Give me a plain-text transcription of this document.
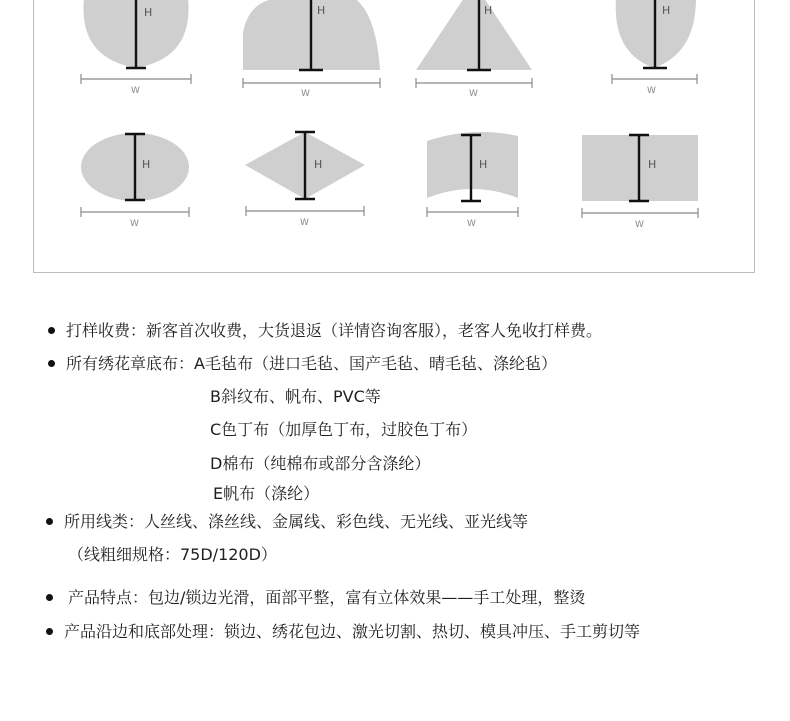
H
W
H
W
H
W
H
W
H
W
H
W
H
W
H
W
打样收费：新客首次收费，大货退返（详情咨询客服），老客人免收打样费。
所有绣花章底布：A毛毡布（进口毛毡、国产毛毡、晴毛毡、涤纶毡）
B斜纹布、帆布、PVC等
C色丁布（加厚色丁布，过胶色丁布）
D棉布（纯棉布或部分含涤纶）
E帆布（涤纶）
所用线类：人丝线、涤丝线、金属线、彩色线、无光线、亚光线等
（线粗细规格：75D/120D）
产品特点：包边/锁边光滑，面部平整，富有立体效果——手工处理，整烫
产品沿边和底部处理：锁边、绣花包边、激光切割、热切、模具冲压、手工剪切等
